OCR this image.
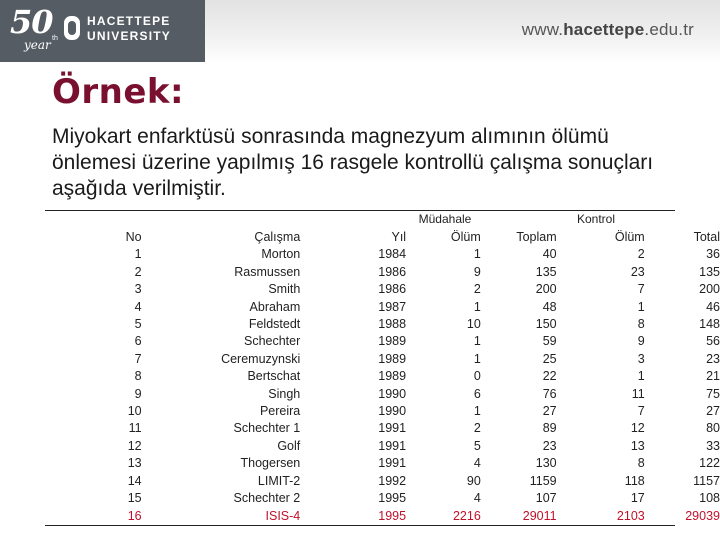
50 th
year
HACETTEPE
UNIVERSITY	www.hacettepe.edu.tr
Örnek:
Miyokart enfarktüsü sonrasında magnezyum alımının ölümü önlemesi üzerine yapılmış 16 rasgele kontrollü çalışma sonuçları aşağıda verilmiştir.
Müdahale	Kontrol
No	Çalışma	Yıl	Ölüm	Toplam	Ölüm	Total
1	Morton	1984	1	40	2	36
2	Rasmussen	1986	9	135	23	135
3	Smith	1986	2	200	7	200
4	Abraham	1987	1	48	1	46
5	Feldstedt	1988	10	150	8	148
6	Schechter	1989	1	59	9	56
7	Ceremuzynski	1989	1	25	3	23
8	Bertschat	1989	0	22	1	21
9	Singh	1990	6	76	11	75
10	Pereira	1990	1	27	7	27
11	Schechter 1	1991	2	89	12	80
12	Golf	1991	5	23	13	33
13	Thogersen	1991	4	130	8	122
14	LIMIT-2	1992	90	1159	118	1157
15	Schechter 2	1995	4	107	17	108
16	ISIS-4	1995	2216	29011	2103	29039
